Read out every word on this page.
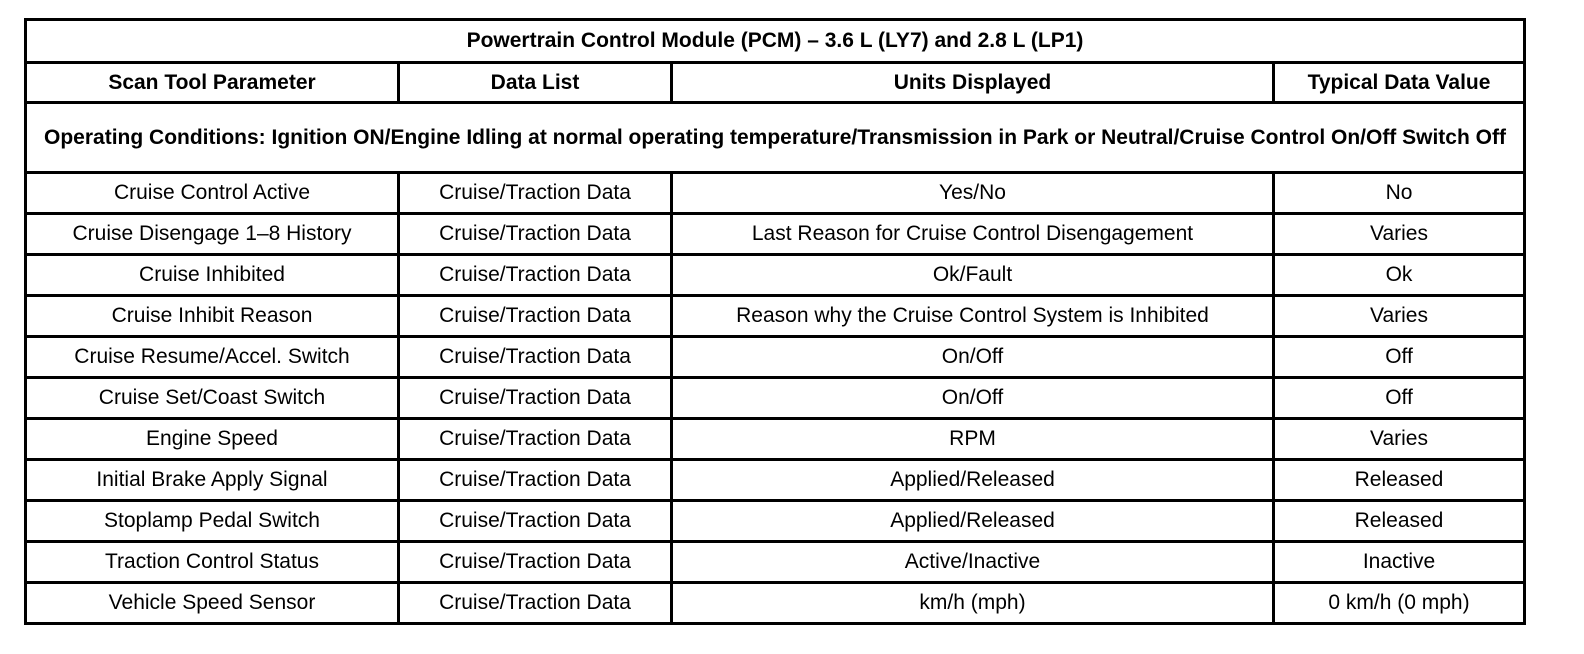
Powertrain Control Module (PCM) – 3.6 L (LY7) and 2.8 L (LP1)			
Scan Tool Parameter	Data List	Units Displayed	Typical Data Value
Operating Conditions: Ignition ON/Engine Idling at normal operating temperature/Transmission in Park or Neutral/Cruise Control On/Off Switch Off			
Cruise Control Active	Cruise/Traction Data	Yes/No	No
Cruise Disengage 1–8 History	Cruise/Traction Data	Last Reason for Cruise Control Disengagement	Varies
Cruise Inhibited	Cruise/Traction Data	Ok/Fault	Ok
Cruise Inhibit Reason	Cruise/Traction Data	Reason why the Cruise Control System is Inhibited	Varies
Cruise Resume/Accel. Switch	Cruise/Traction Data	On/Off	Off
Cruise Set/Coast Switch	Cruise/Traction Data	On/Off	Off
Engine Speed	Cruise/Traction Data	RPM	Varies
Initial Brake Apply Signal	Cruise/Traction Data	Applied/Released	Released
Stoplamp Pedal Switch	Cruise/Traction Data	Applied/Released	Released
Traction Control Status	Cruise/Traction Data	Active/Inactive	Inactive
Vehicle Speed Sensor	Cruise/Traction Data	km/h (mph)	0 km/h (0 mph)
